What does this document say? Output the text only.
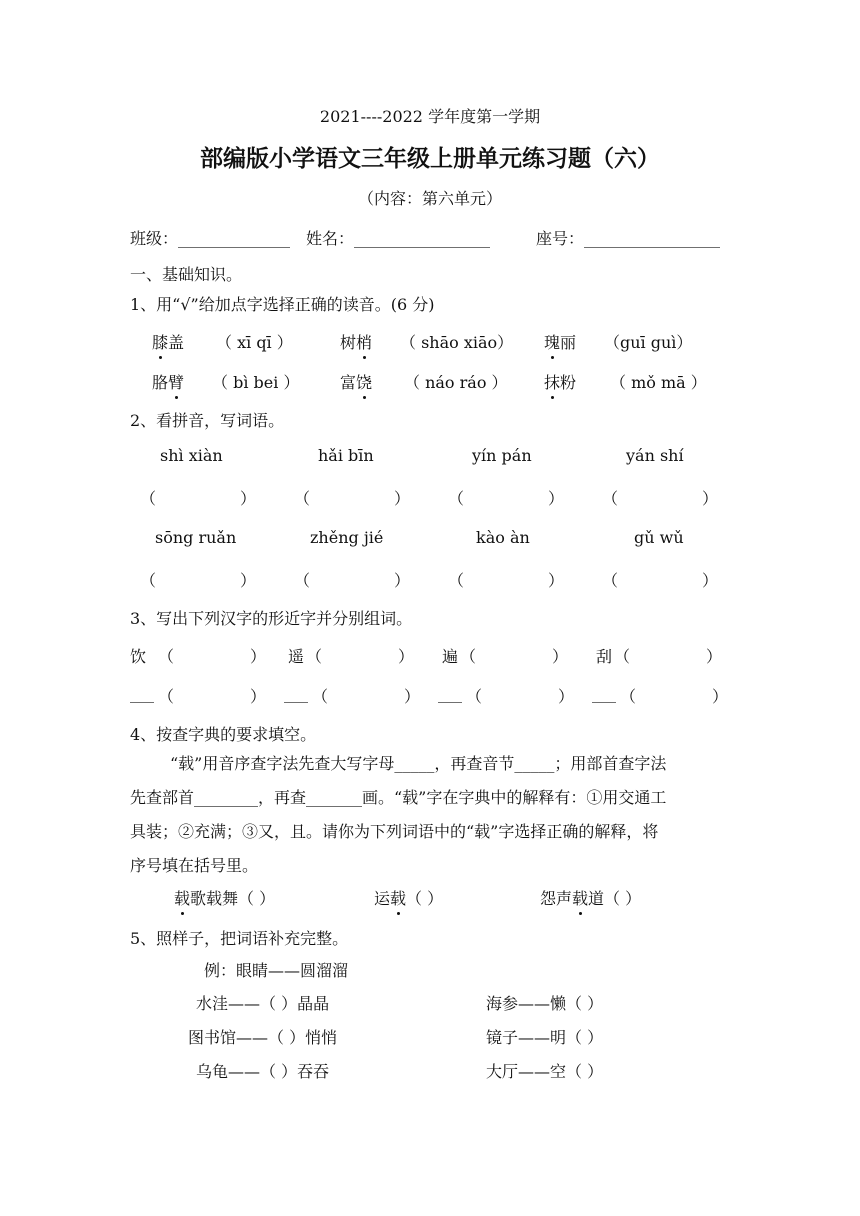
2021----2022 学年度第一学期
部编版小学语文三年级上册单元练习题（六）
（内容：第六单元）
班级：______________ 姓名：_________________	座号：_________________
一、基础知识。
1、用“√”给加点字选择正确的读音。(6 分)
膝盖 （ xī qī ）	树梢 （ shāo xiāo） 瑰丽 （guī guì）
胳臂 （ bì bei ）	富饶 （ náo ráo ） 抹粉 （ mǒ mā ）
2、看拼音，写词语。
shì xiàn	hǎi bīn	yín pán	yán shí
（	） （	） （	） （	）
sōng ruǎn	zhěng jié	kào àn	gǔ wǔ
（	） （	） （	） （	）
3、写出下列汉字的形近字并分别组词。
饮 （	） 遥 （	） 遍 （	） 刮 （	）
___ （	） ___ （	） ___ （	） ___ （	）
4、按查字典的要求填空。
“载”用音序查字法先查大写字母_____，再查音节_____；用部首查字法
先查部首________，再查_______画。“载”字在字典中的解释有：①用交通工
具装；②充满；③又，且。请你为下列词语中的“载”字选择正确的解释，将
序号填在括号里。
载歌载舞（ ）	运载（ ）	怨声载道（ ）
5、照样子，把词语补充完整。
例：眼睛——圆溜溜
水洼——（ ）晶晶	海参——懒（ ）
图书馆——（ ）悄悄	镜子——明（ ）
乌龟——（ ）吞吞	大厅——空（ ）
